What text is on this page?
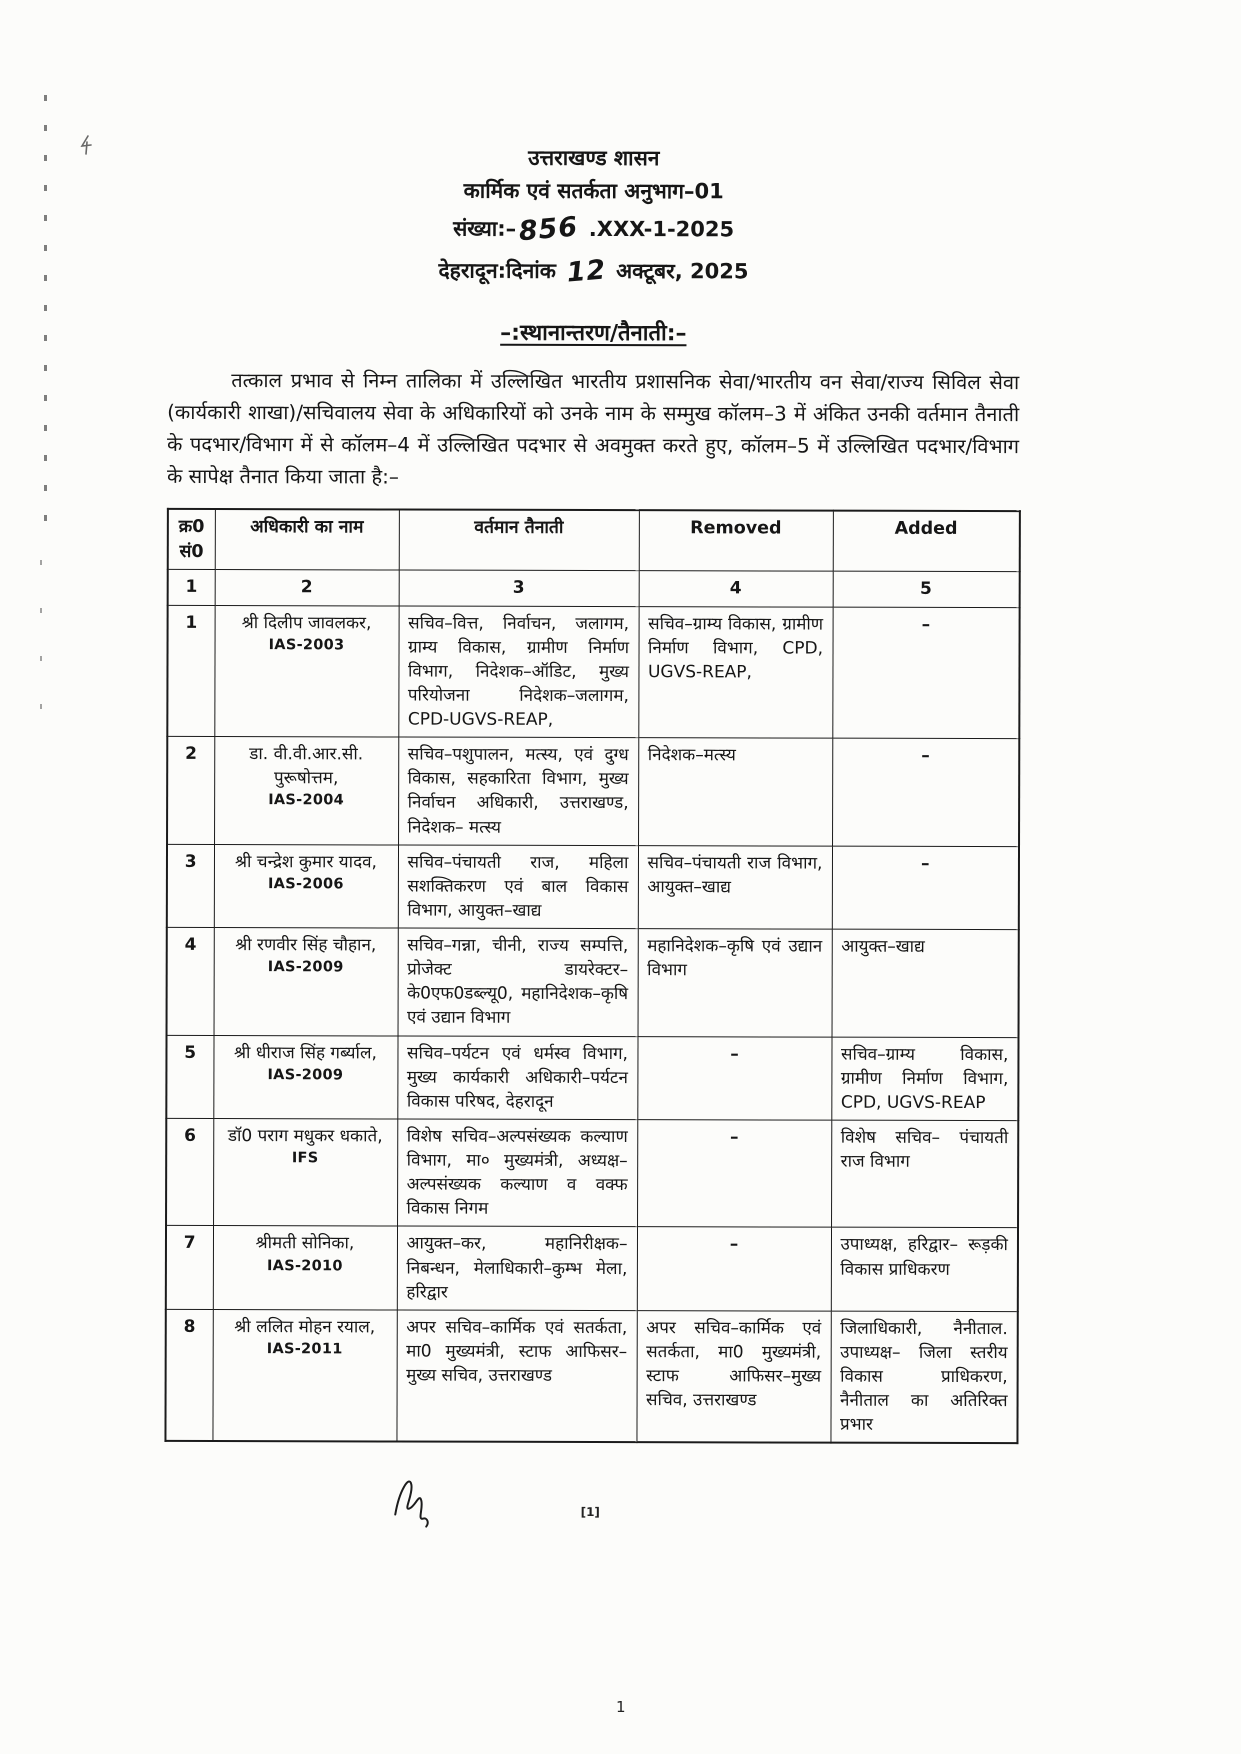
उत्तराखण्ड शासन
कार्मिक एवं सतर्कता अनुभाग–01
संख्या:–856 .XXX-1-2025
देहरादून:दिनांक 12 अक्टूबर, 2025
–:स्थानान्तरण/तैनाती:–

तत्काल प्रभाव से निम्न तालिका में उल्लिखित भारतीय प्रशासनिक सेवा/भारतीय वन सेवा/राज्य सिविल सेवा (कार्यकारी शाखा)/सचिवालय सेवा के अधिकारियों को उनके नाम के सम्मुख कॉलम–3 में अंकित उनकी वर्तमान तैनाती के पदभार/विभाग में से कॉलम–4 में उल्लिखित पदभार से अवमुक्त करते हुए, कॉलम–5 में उल्लिखित पदभार/विभाग के सापेक्ष तैनात किया जाता है:–

क्र0
सं0	अधिकारी का नाम	वर्तमान तैनाती	Removed	Added
1	2	3	4	5
1	श्री दिलीप जावलकर,
IAS-2003	सचिव–वित्त, निर्वाचन, जलागम, ग्राम्य विकास, ग्रामीण निर्माण विभाग, निदेशक–ऑडिट, मुख्य परियोजना निदेशक–जलागम, CPD-UGVS-REAP,	सचिव–ग्राम्य विकास, ग्रामीण निर्माण विभाग, CPD, UGVS-REAP,	–
2	डा. वी.वी.आर.सी. पुरूषोत्तम,
IAS-2004	सचिव–पशुपालन, मत्स्य, एवं दुग्ध विकास, सहकारिता विभाग, मुख्य निर्वाचन अधिकारी, उत्तराखण्ड, निदेशक– मत्स्य	निदेशक–मत्स्य	–
3	श्री चन्द्रेश कुमार यादव,
IAS-2006	सचिव–पंचायती राज, महिला सशक्तिकरण एवं बाल विकास विभाग, आयुक्त–खाद्य	सचिव–पंचायती राज विभाग, आयुक्त–खाद्य	–
4	श्री रणवीर सिंह चौहान,
IAS-2009	सचिव–गन्ना, चीनी, राज्य सम्पत्ति, प्रोजेक्ट डायरेक्टर– के0एफ0डब्ल्यू0, महानिदेशक–कृषि एवं उद्यान विभाग	महानिदेशक–कृषि एवं उद्यान विभाग	आयुक्त–खाद्य
5	श्री धीराज सिंह गर्ब्याल,
IAS-2009	सचिव–पर्यटन एवं धर्मस्व विभाग, मुख्य कार्यकारी अधिकारी–पर्यटन विकास परिषद, देहरादून	–	सचिव–ग्राम्य विकास, ग्रामीण निर्माण विभाग, CPD, UGVS-REAP
6	डॉ0 पराग मधुकर धकाते,
IFS	विशेष सचिव–अल्पसंख्यक कल्याण विभाग, मा० मुख्यमंत्री, अध्यक्ष– अल्पसंख्यक कल्याण व वक्फ विकास निगम	–	विशेष सचिव– पंचायती राज विभाग
7	श्रीमती सोनिका,
IAS-2010	आयुक्त–कर, महानिरीक्षक– निबन्धन, मेलाधिकारी–कुम्भ मेला, हरिद्वार	–	उपाध्यक्ष, हरिद्वार– रूड़की विकास प्राधिकरण
8	श्री ललित मोहन रयाल,
IAS-2011	अपर सचिव–कार्मिक एवं सतर्कता, मा0 मुख्यमंत्री, स्टाफ आफिसर–मुख्य सचिव, उत्तराखण्ड	अपर सचिव–कार्मिक एवं सतर्कता, मा0 मुख्यमंत्री, स्टाफ आफिसर–मुख्य सचिव, उत्तराखण्ड	जिलाधिकारी, नैनीताल. उपाध्यक्ष– जिला स्तरीय विकास प्राधिकरण, नैनीताल का अतिरिक्त प्रभार
[1]
1
